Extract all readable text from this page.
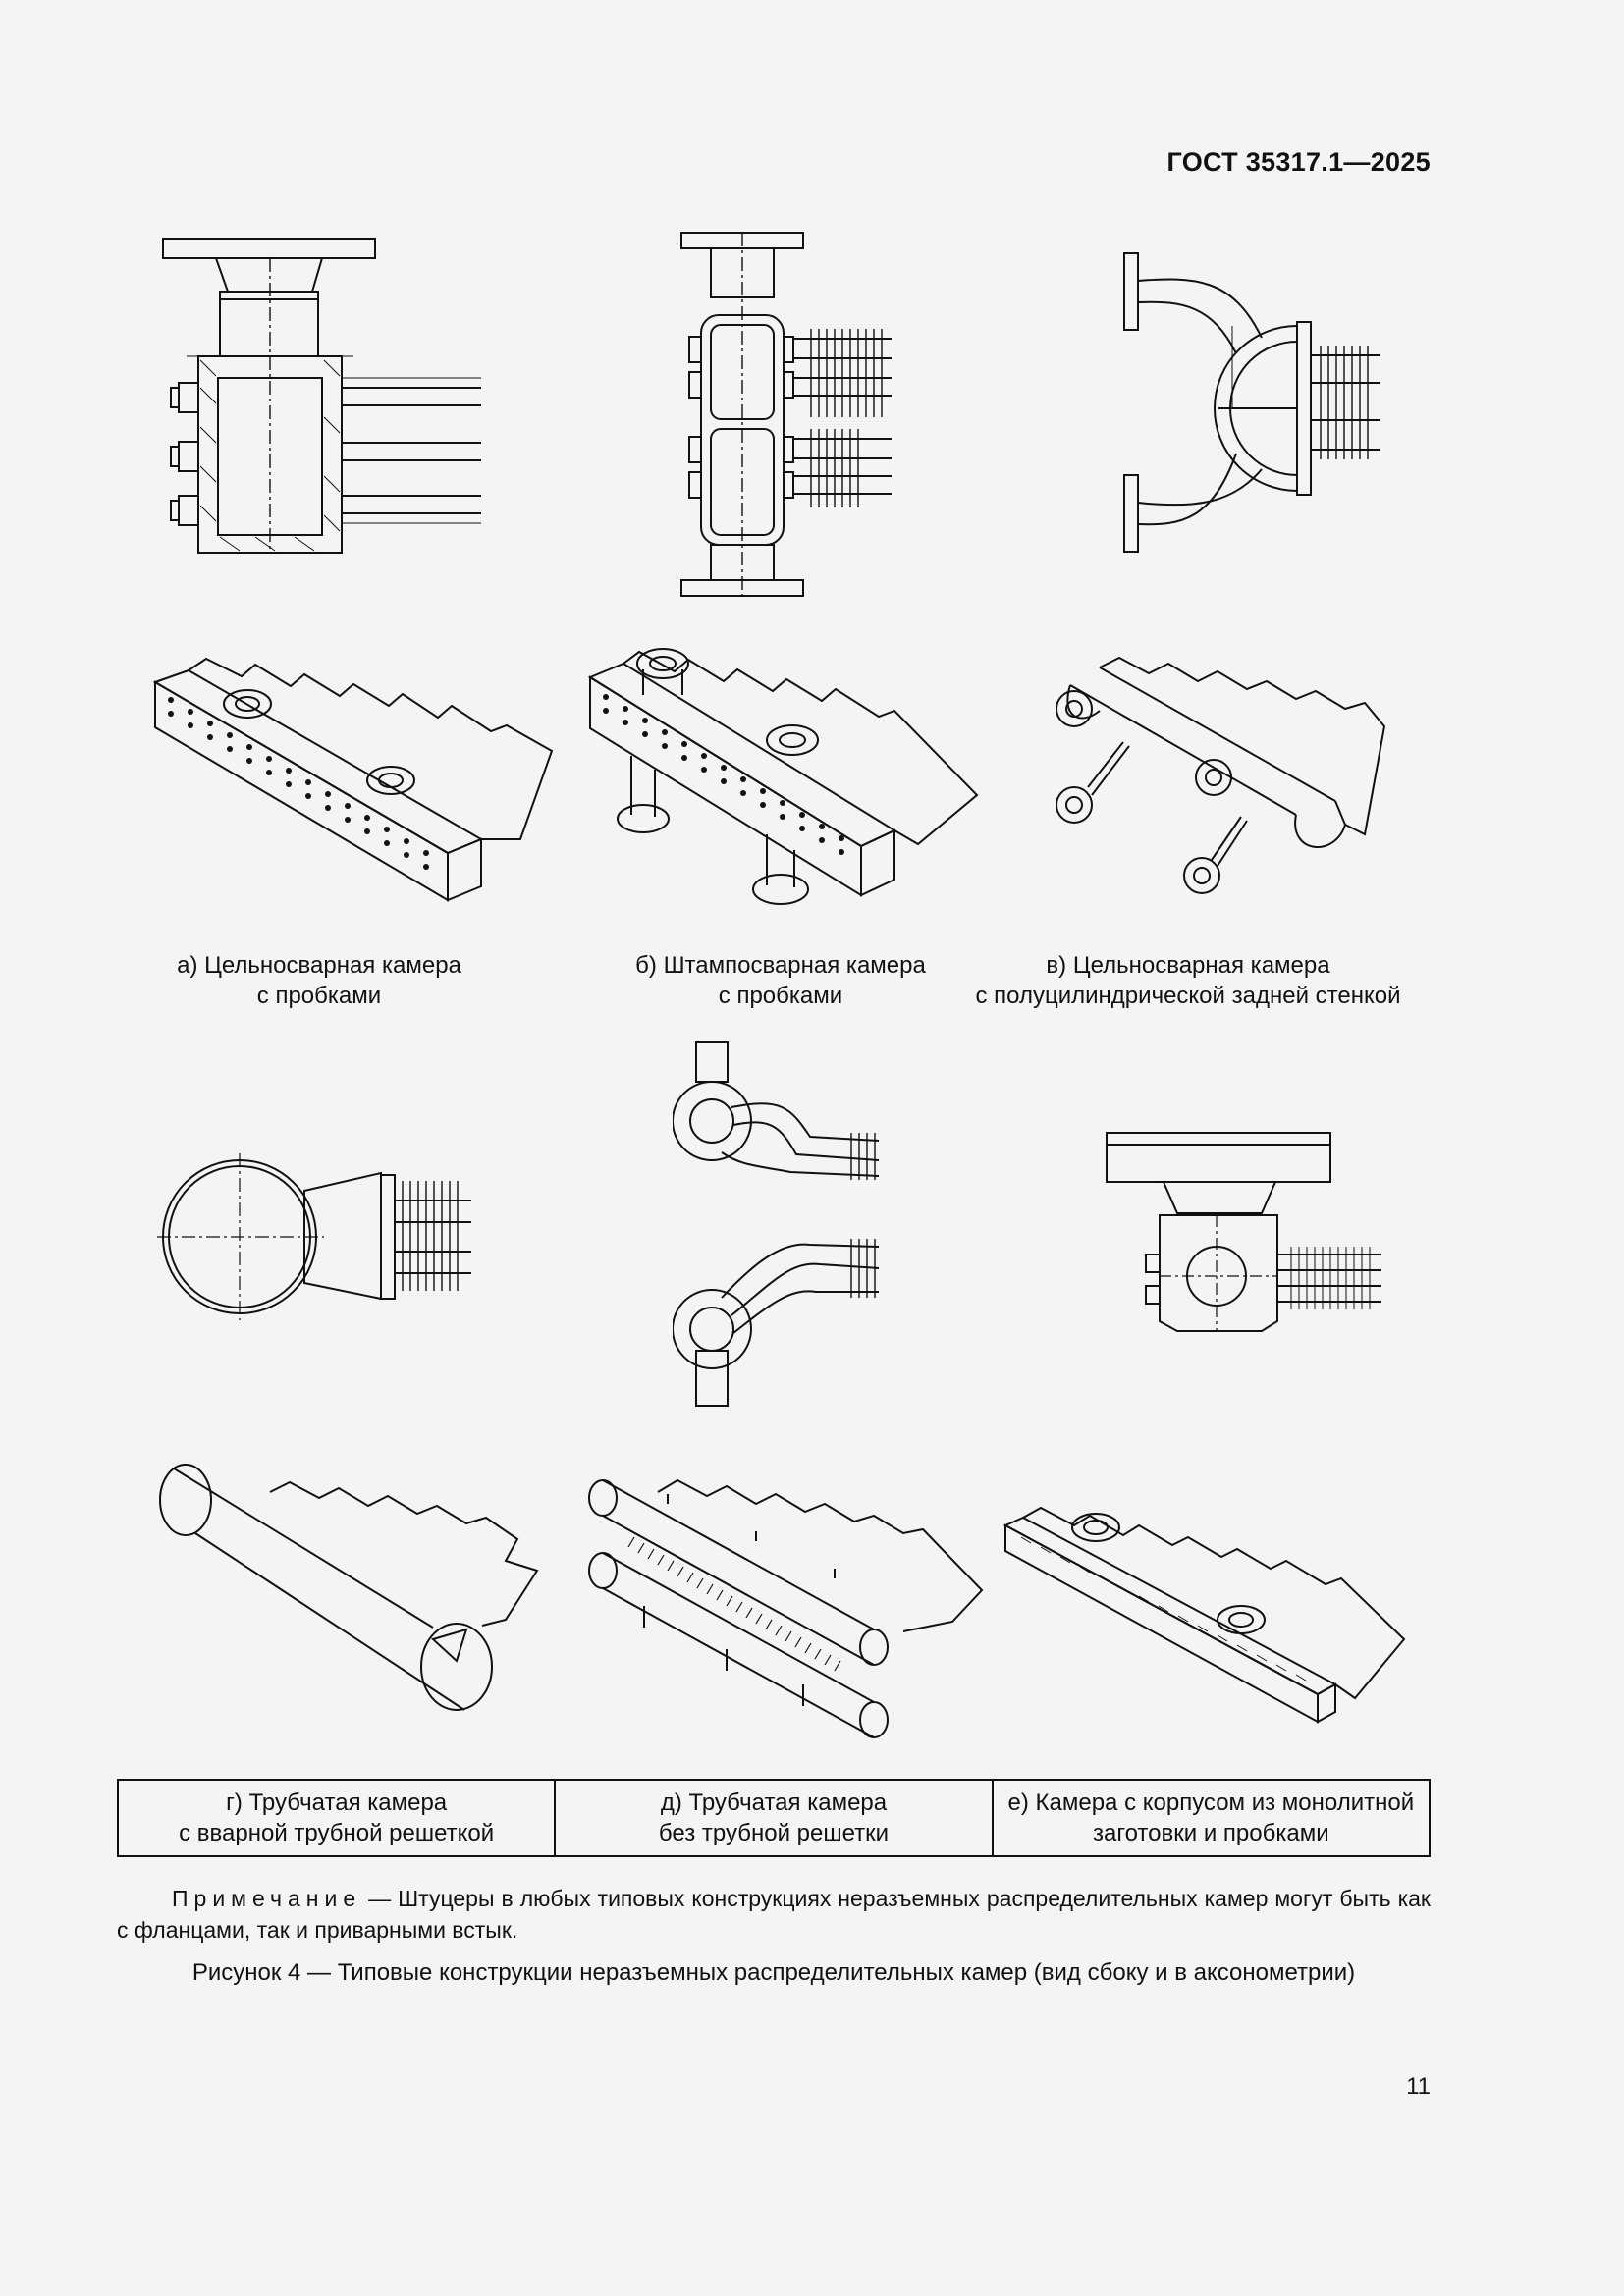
ГОСТ 35317.1—2025
а) Цельносварная камера
с пробками
б) Штампосварная камера
с пробками
в) Цельносварная камера
с полуцилиндрической задней стенкой
г) Трубчатая камера
с вварной трубной решеткой

д) Трубчатая камера
без трубной решетки

е) Камера с корпусом из монолитной
заготовки и пробками
Примечание — Штуцеры в любых типовых конструкциях неразъемных распределительных камер могут быть как с фланцами, так и приварными встык.
Рисунок 4 — Типовые конструкции неразъемных распределительных камер (вид сбоку и в аксонометрии)
11
